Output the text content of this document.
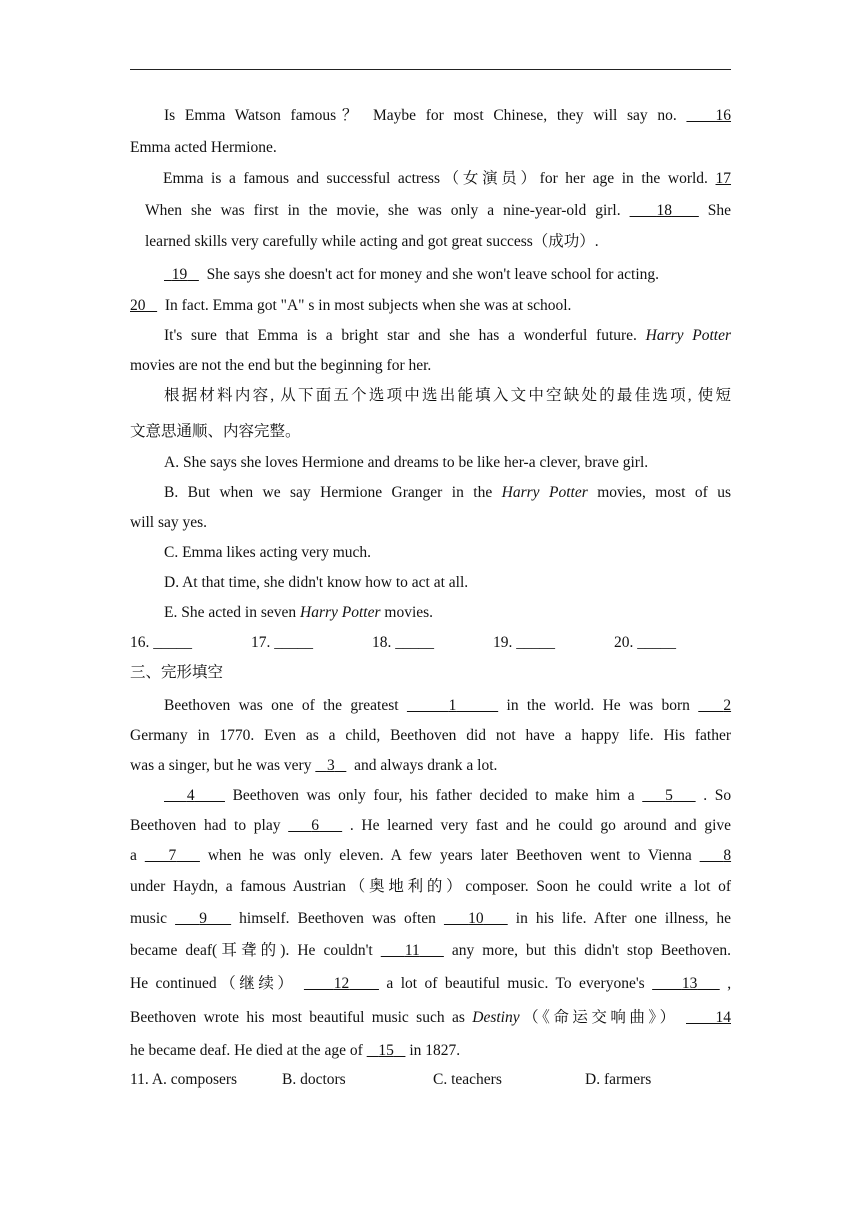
Is Emma Watson famous？ Maybe for most Chinese, they will say no.	16
Emma acted Hermione.
Emma is a famous and successful actress（女演员）for her age in the world. 17
When she was first in the movie, she was only a nine-year-old girl. 18 She
learned skills very carefully while acting and got great success（成功）.
19 She says she doesn't act for money and she won't leave school for acting.
20 In fact. Emma got "A" s in most subjects when she was at school.
It's sure that Emma is a bright star and she has a wonderful future. Harry Potter
movies are not the end but the beginning for her.
根据材料内容, 从下面五个选项中选出能填入文中空缺处的最佳选项, 使短
文意思通顺、内容完整。
A. She says she loves Hermione and dreams to be like her-a clever, brave girl.
B. But when we say Hermione Granger in the Harry Potter movies, most of us
will say yes.
C. Emma likes acting very much.
D. At that time, she didn't know how to act at all.
E. She acted in seven Harry Potter movies.
16. _____	17. _____	18. _____	19. _____	20. _____
三、完形填空
Beethoven was one of the greatest	1	in the world. He was born 2
Germany in 1770. Even as a child, Beethoven did not have a happy life. His father
was a singer, but he was very 3 and always drank a lot.
4 Beethoven was only four, his father decided to make him a 5 . So
Beethoven had to play 6 . He learned very fast and he could go around and give
a 7 when he was only eleven. A few years later Beethoven went to Vienna 8
under Haydn, a famous Austrian（奥地利的）composer. Soon he could write a lot of
music 9 himself. Beethoven was often 10 in his life. After one illness, he
became deaf(耳聋的). He couldn't 11 any more, but this didn't stop Beethoven.
He continued（继续） 12 a lot of beautiful music. To everyone's 13 ,
Beethoven wrote his most beautiful music such as Destiny（《命运交响曲》） 14
he became deaf. He died at the age of 15 in 1827.
11. A. composers	B. doctors	C. teachers	D. farmers
